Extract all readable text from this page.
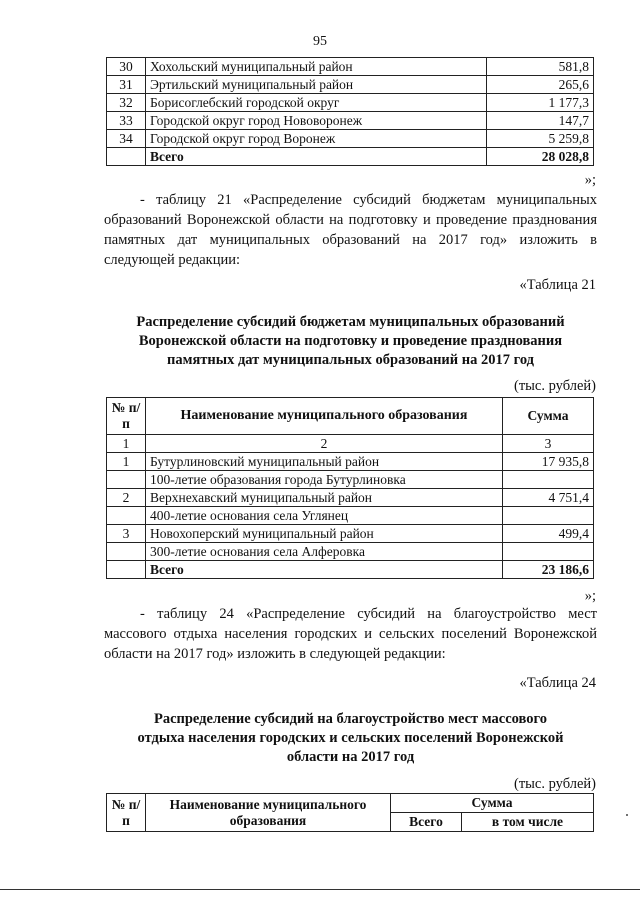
95
30	Хохольский муниципальный район	581,8
31	Эртильский муниципальный район	265,6
32	Борисоглебский городской округ	1 177,3
33	Городской округ город Нововоронеж	147,7
34	Городской округ город Воронеж	5 259,8
	Всего	28 028,8
»;
- таблицу 21 «Распределение субсидий бюджетам муниципальных образований Воронежской области на подготовку и проведение празднования памятных дат муниципальных образований на 2017 год» изложить в следующей редакции:
«Таблица 21
Распределение субсидий бюджетам муниципальных образований
Воронежской области на подготовку и проведение празднования
памятных дат муниципальных образований на 2017 год
(тыс. рублей)
№ п/п	Наименование муниципального образования	Сумма
1	2	3
1	Бутурлиновский муниципальный район	17 935,8
	100-летие образования города Бутурлиновка	
2	Верхнехавский муниципальный район	4 751,4
	400-летие основания села Углянец	
3	Новохоперский муниципальный район	499,4
	300-летие основания села Алферовка	
	Всего	23 186,6
»;
- таблицу 24 «Распределение субсидий на благоустройство мест массового отдыха населения городских и сельских поселений Воронежской области на 2017 год» изложить в следующей редакции:
«Таблица 24
Распределение субсидий на благоустройство мест массового
отдыха населения городских и сельских поселений Воронежской
области на 2017 год
(тыс. рублей)
№ п/п	Наименование муниципального образования	Сумма	
		Всего	в том числе
